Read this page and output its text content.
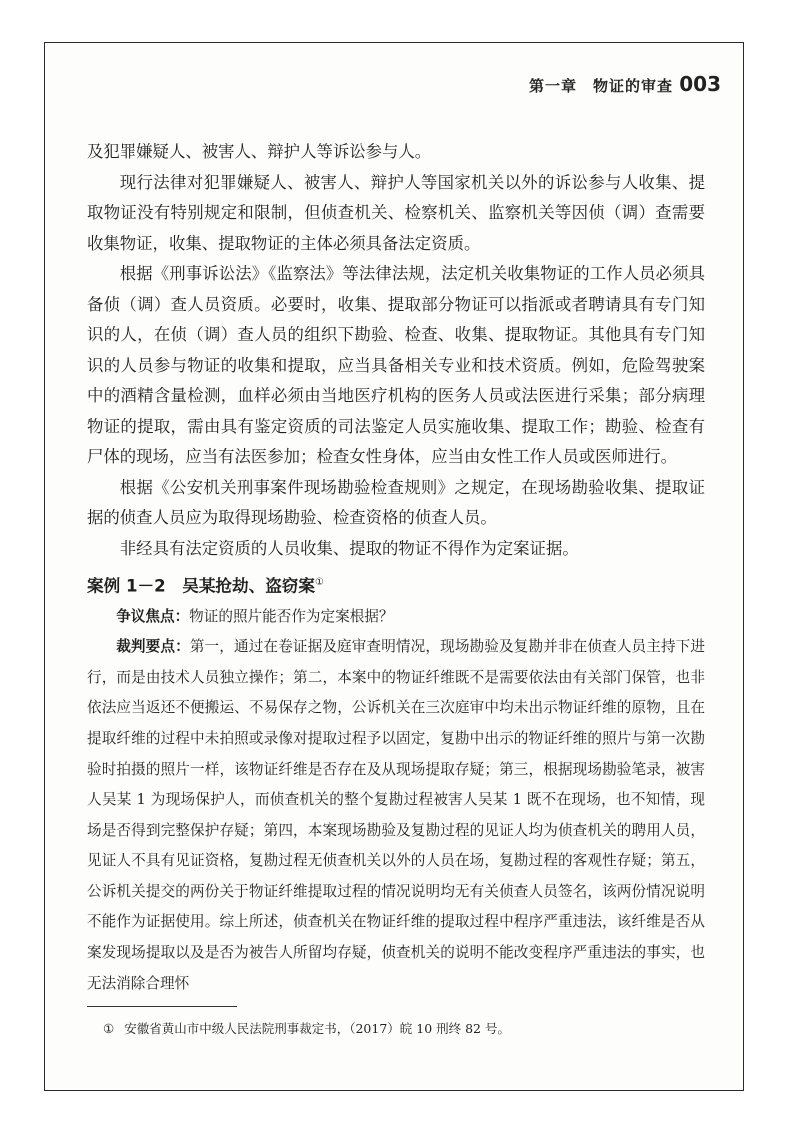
第一章　物证的审查 003

及犯罪嫌疑人、被害人、辩护人等诉讼参与人。

现行法律对犯罪嫌疑人、被害人、辩护人等国家机关以外的诉讼参与人收集、提取物证没有特别规定和限制，但侦查机关、检察机关、监察机关等因侦（调）查需要收集物证，收集、提取物证的主体必须具备法定资质。

根据《刑事诉讼法》《监察法》等法律法规，法定机关收集物证的工作人员必须具备侦（调）查人员资质。必要时，收集、提取部分物证可以指派或者聘请具有专门知识的人，在侦（调）查人员的组织下勘验、检查、收集、提取物证。其他具有专门知识的人员参与物证的收集和提取，应当具备相关专业和技术资质。例如，危险驾驶案中的酒精含量检测，血样必须由当地医疗机构的医务人员或法医进行采集；部分病理物证的提取，需由具有鉴定资质的司法鉴定人员实施收集、提取工作；勘验、检查有尸体的现场，应当有法医参加；检查女性身体，应当由女性工作人员或医师进行。

根据《公安机关刑事案件现场勘验检查规则》之规定，在现场勘验收集、提取证据的侦查人员应为取得现场勘验、检查资格的侦查人员。

非经具有法定资质的人员收集、提取的物证不得作为定案证据。

案例 1－2　吴某抢劫、盗窃案①

争议焦点：物证的照片能否作为定案根据？

裁判要点：第一，通过在卷证据及庭审查明情况，现场勘验及复勘并非在侦查人员主持下进行，而是由技术人员独立操作；第二，本案中的物证纤维既不是需要依法由有关部门保管，也非依法应当返还不便搬运、不易保存之物，公诉机关在三次庭审中均未出示物证纤维的原物，且在提取纤维的过程中未拍照或录像对提取过程予以固定，复勘中出示的物证纤维的照片与第一次勘验时拍摄的照片一样，该物证纤维是否存在及从现场提取存疑；第三，根据现场勘验笔录，被害人吴某 1 为现场保护人，而侦查机关的整个复勘过程被害人吴某 1 既不在现场，也不知情，现场是否得到完整保护存疑；第四，本案现场勘验及复勘过程的见证人均为侦查机关的聘用人员，见证人不具有见证资格，复勘过程无侦查机关以外的人员在场，复勘过程的客观性存疑；第五，公诉机关提交的两份关于物证纤维提取过程的情况说明均无有关侦查人员签名，该两份情况说明不能作为证据使用。综上所述，侦查机关在物证纤维的提取过程中程序严重违法，该纤维是否从案发现场提取以及是否为被告人所留均存疑，侦查机关的说明不能改变程序严重违法的事实，也无法消除合理怀

① 安徽省黄山市中级人民法院刑事裁定书，（2017）皖 10 刑终 82 号。
